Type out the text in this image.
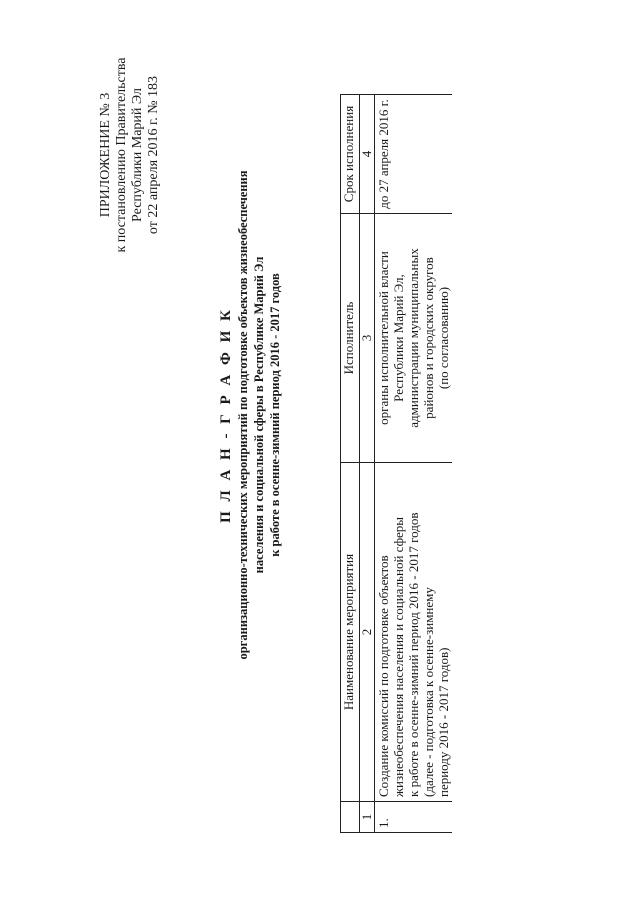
ПРИЛОЖЕНИЕ № 3 к постановлению Правительства Республики Марий Эл от 22 апреля 2016 г. № 183
П Л А Н - Г Р А Ф И К организационно-технических мероприятий по подготовке объектов жизнеобеспечения населения и социальной сферы в Республике Марий Эл к работе в осенне-зимний период 2016 - 2017 годов
	Наименование мероприятия	Исполнитель	Срок исполнения
1	2	3	4
1.	Создание комиссий по подготовке объектов жизнеобеспечения населения и социальной сферы к работе в осенне-зимний период 2016 - 2017 годов (далее - подготовка к осенне-зимнему периоду 2016 - 2017 годов)	органы исполнительной власти Республики Марий Эл, администрации муниципальных районов и городских округов (по согласованию)	до 27 апреля 2016 г.
